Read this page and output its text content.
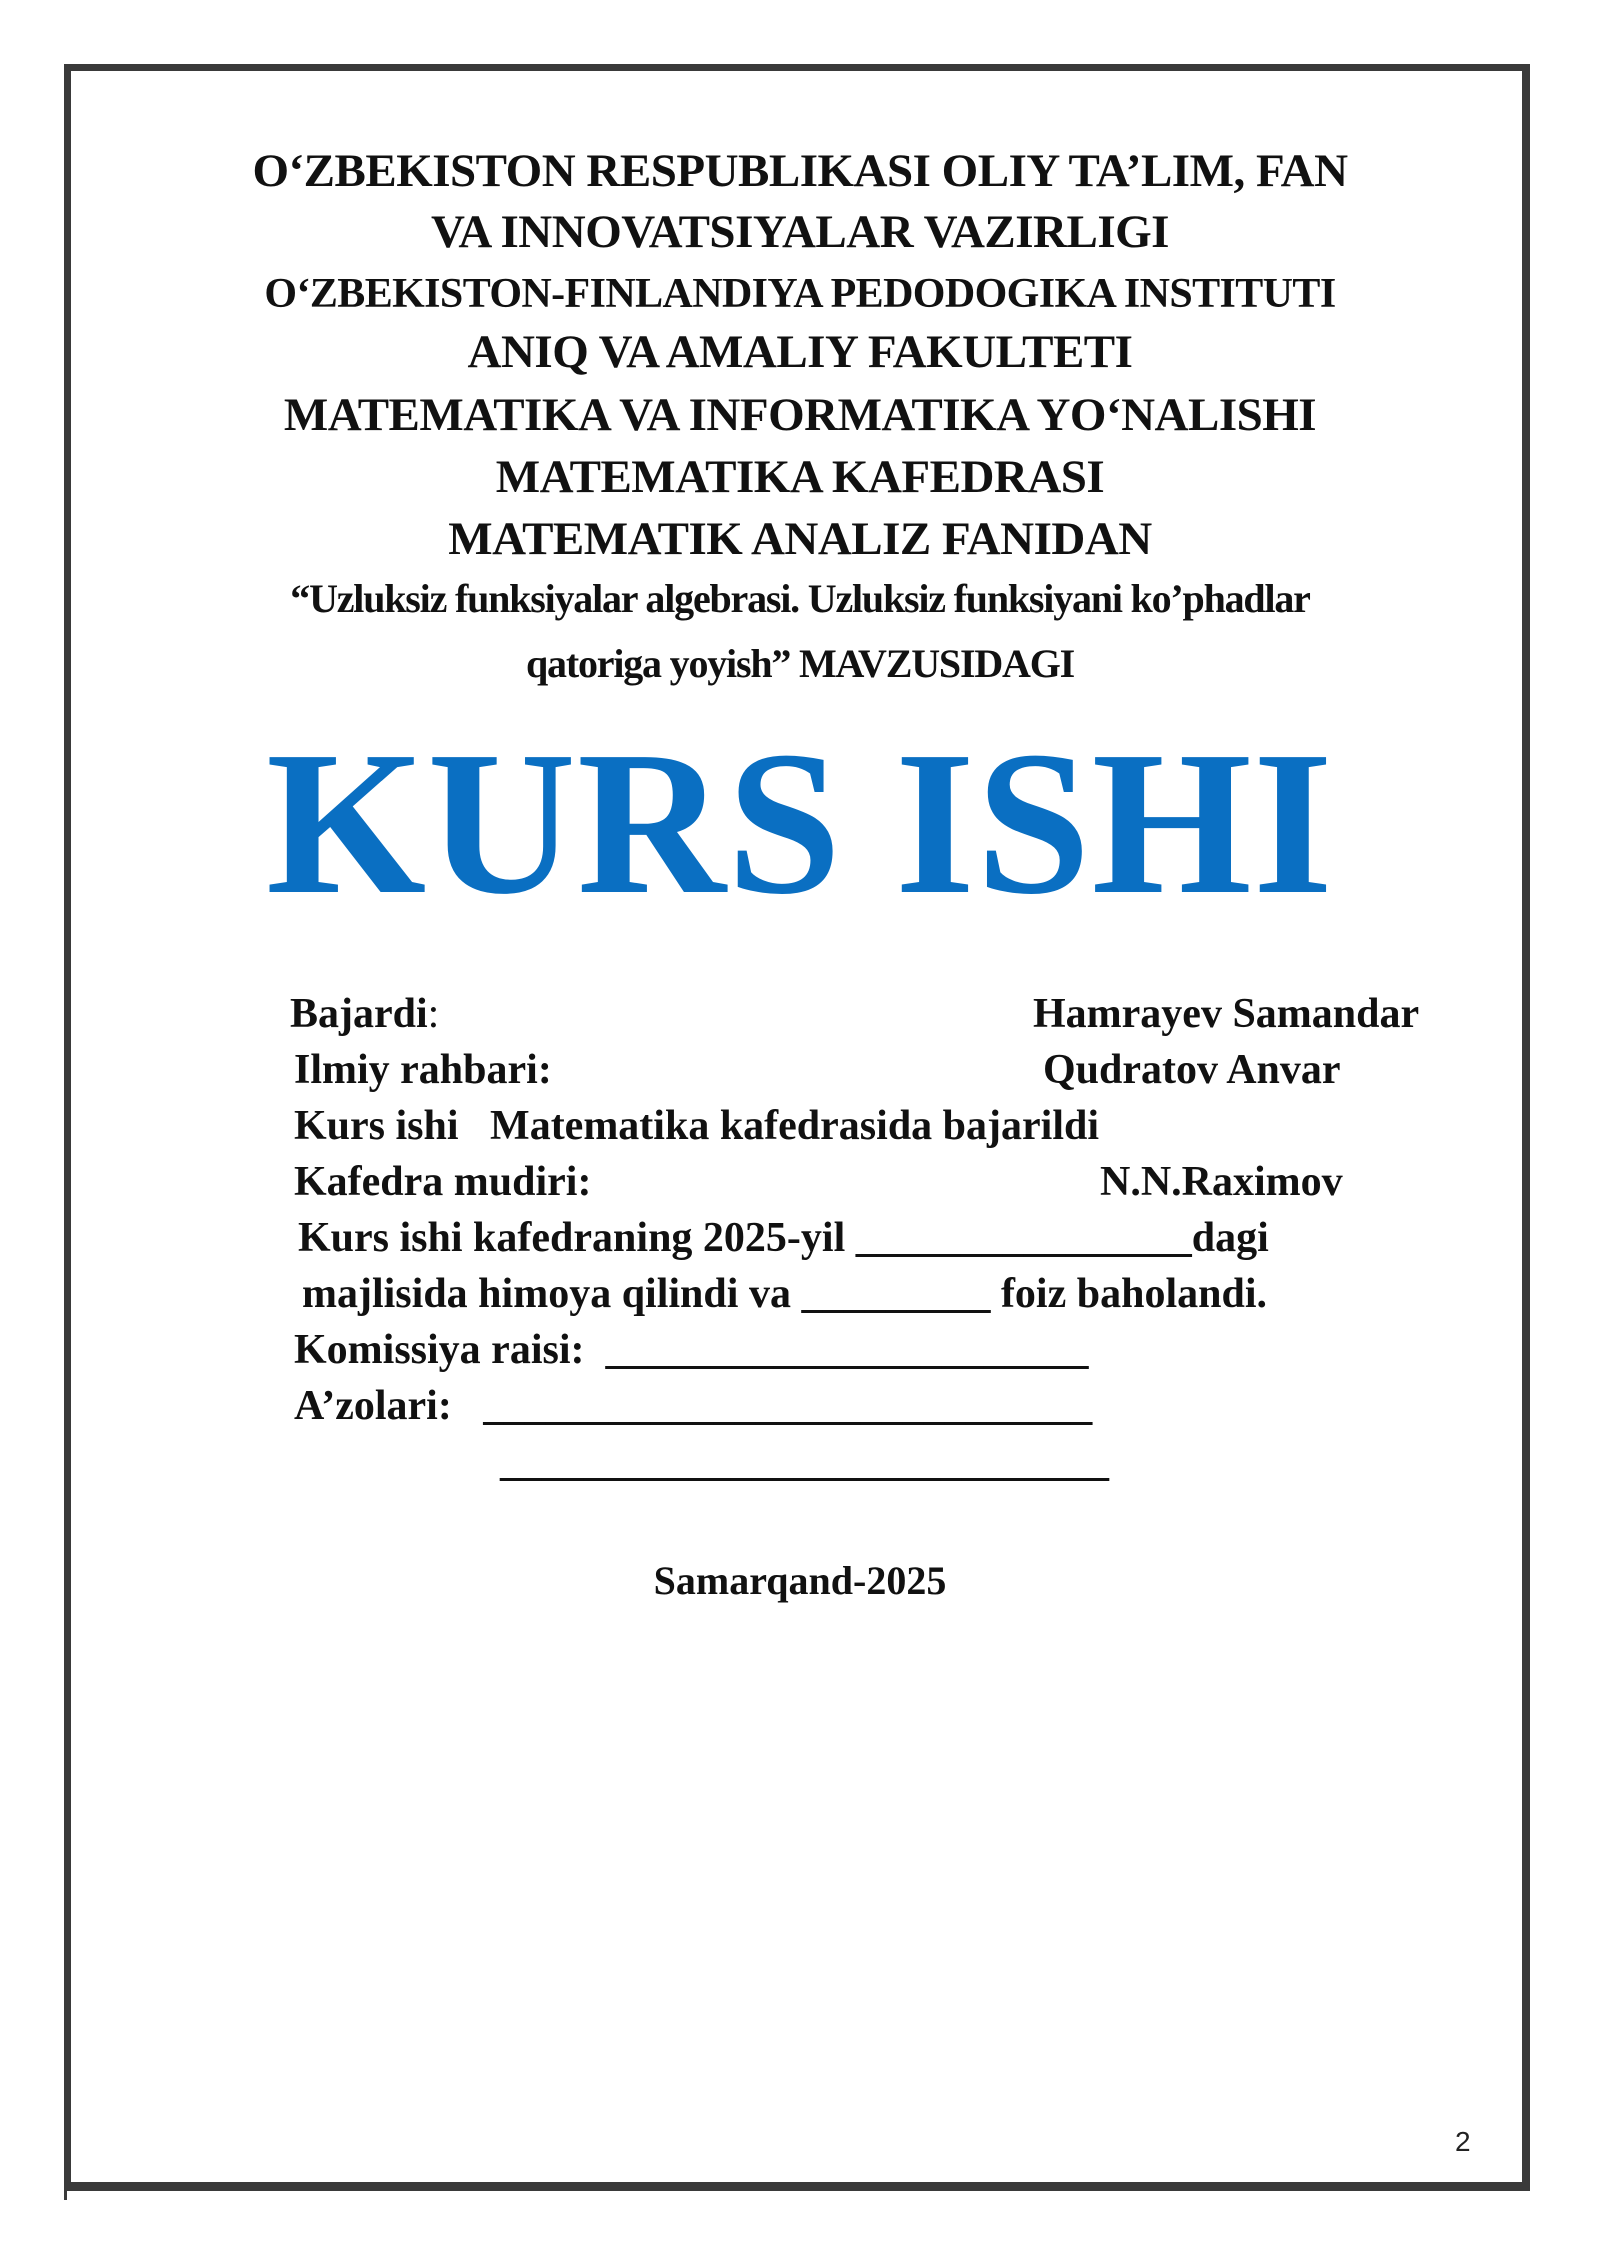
O‘ZBEKISTON RESPUBLIKASI OLIY TA’LIM, FAN
VA INNOVATSIYALAR VAZIRLIGI
O‘ZBEKISTON-FINLANDIYA PEDODOGIKA INSTITUTI
ANIQ VA AMALIY FAKULTETI
MATEMATIKA VA INFORMATIKA YO‘NALISHI
MATEMATIKA KAFEDRASI
MATEMATIK ANALIZ FANIDAN
“Uzluksiz funksiyalar algebrasi. Uzluksiz funksiyani ko’phadlar
qatoriga yoyish” MAVZUSIDAGI
KURS ISHI
Bajardi:	Hamrayev Samandar
Ilmiy rahbari:	Qudratov Anvar
Kurs ishi   Matematika kafedrasida bajarildi
Kafedra mudiri:	N.N.Raximov
Kurs ishi kafedraning 2025-yil ________________dagi
majlisida himoya qilindi va _________ foiz baholandi.
Komissiya raisi:  _______________________
A’zolari:   _____________________________
_____________________________
Samarqand-2025
2
